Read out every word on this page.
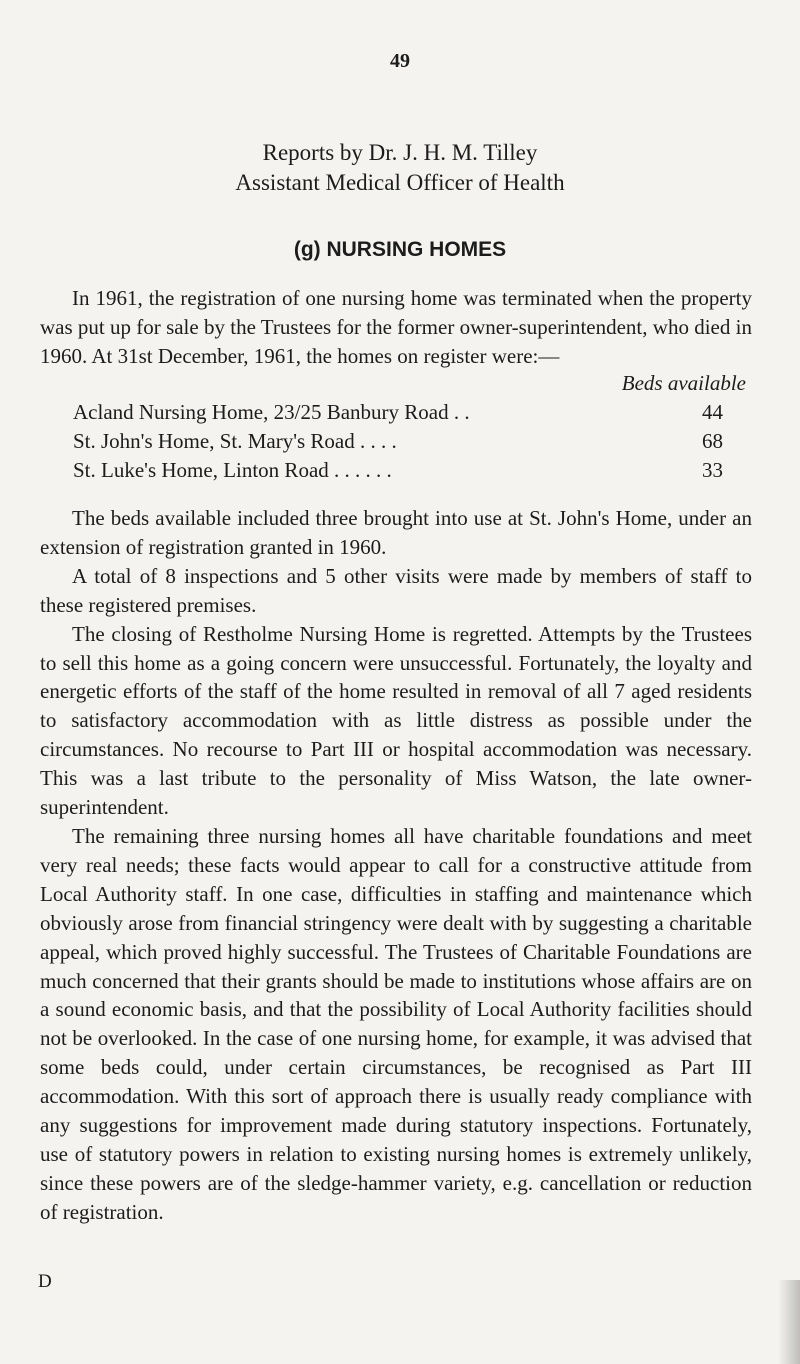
49
Reports by Dr. J. H. M. Tilley
Assistant Medical Officer of Health
(g) NURSING HOMES

In 1961, the registration of one nursing home was terminated when the property was put up for sale by the Trustees for the former owner-superintendent, who died in 1960. At 31st December, 1961, the homes on register were:—

Beds available
Acland Nursing Home, 23/25 Banbury Road . .	44
St. John's Home, St. Mary's Road . . . .	68
St. Luke's Home, Linton Road . . . . . .	33

The beds available included three brought into use at St. John's Home, under an extension of registration granted in 1960.

A total of 8 inspections and 5 other visits were made by members of staff to these registered premises.

The closing of Restholme Nursing Home is regretted. Attempts by the Trustees to sell this home as a going concern were unsuccessful. Fortunately, the loyalty and energetic efforts of the staff of the home resulted in removal of all 7 aged residents to satisfactory accommodation with as little distress as possible under the circumstances. No recourse to Part III or hospital accommodation was necessary. This was a last tribute to the personality of Miss Watson, the late owner-superintendent.

The remaining three nursing homes all have charitable foundations and meet very real needs; these facts would appear to call for a constructive attitude from Local Authority staff. In one case, difficulties in staffing and maintenance which obviously arose from financial stringency were dealt with by suggesting a charitable appeal, which proved highly successful. The Trustees of Charitable Foundations are much concerned that their grants should be made to institutions whose affairs are on a sound economic basis, and that the possibility of Local Authority facilities should not be overlooked. In the case of one nursing home, for example, it was advised that some beds could, under certain circumstances, be recognised as Part III accommodation. With this sort of approach there is usually ready compliance with any suggestions for improvement made during statutory inspections. Fortunately, use of statutory powers in relation to existing nursing homes is extremely unlikely, since these powers are of the sledge-hammer variety, e.g. cancellation or reduction of registration.

D
